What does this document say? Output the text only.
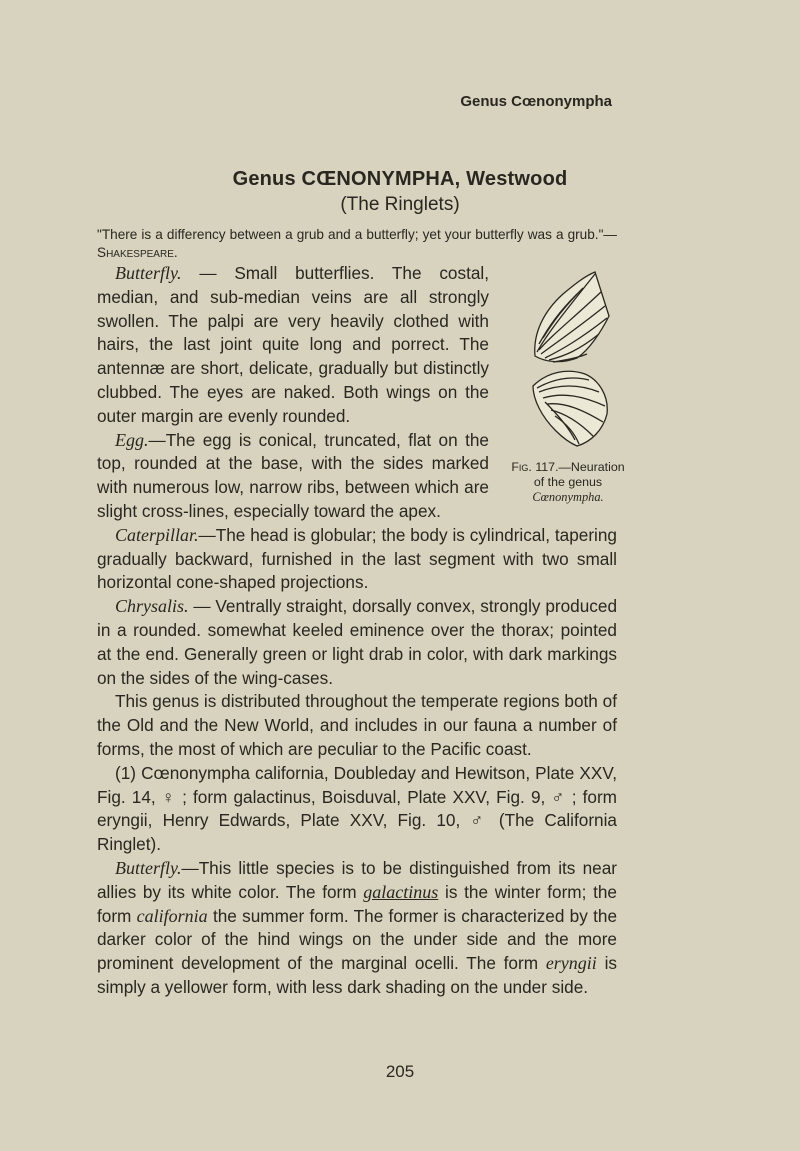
Genus Cœnonympha
Genus CŒNONYMPHA, Westwood
(The Ringlets)
"There is a differency between a grub and a butterfly; yet your butterfly was a grub."—Shakespeare.
Fig. 117.—Neuration of the genus Cœnonympha.

Butterfly. — Small butterflies. The costal, median, and sub-median veins are all strongly swollen. The palpi are very heavily clothed with hairs, the last joint quite long and porrect. The antennæ are short, delicate, gradually but distinctly clubbed. The eyes are naked. Both wings on the outer margin are evenly rounded.

Egg.—The egg is conical, truncated, flat on the top, rounded at the base, with the sides marked with numerous low, narrow ribs, between which are slight cross-lines, especially toward the apex.

Caterpillar.—The head is globular; the body is cylindrical, tapering gradually backward, furnished in the last segment with two small horizontal cone-shaped projections.

Chrysalis. — Ventrally straight, dorsally convex, strongly produced in a rounded. somewhat keeled eminence over the thorax; pointed at the end. Generally green or light drab in color, with dark markings on the sides of the wing-cases.

This genus is distributed throughout the temperate regions both of the Old and the New World, and includes in our fauna a number of forms, the most of which are peculiar to the Pacific coast.

(1) Cœnonympha california, Doubleday and Hewitson, Plate XXV, Fig. 14, ♀ ; form galactinus, Boisduval, Plate XXV, Fig. 9, ♂ ; form eryngii, Henry Edwards, Plate XXV, Fig. 10, ♂ (The California Ringlet).

Butterfly.—This little species is to be distinguished from its near allies by its white color. The form galactinus is the winter form; the form california the summer form. The former is characterized by the darker color of the hind wings on the under side and the more prominent development of the marginal ocelli. The form eryngii is simply a yellower form, with less dark shading on the under side.

205
